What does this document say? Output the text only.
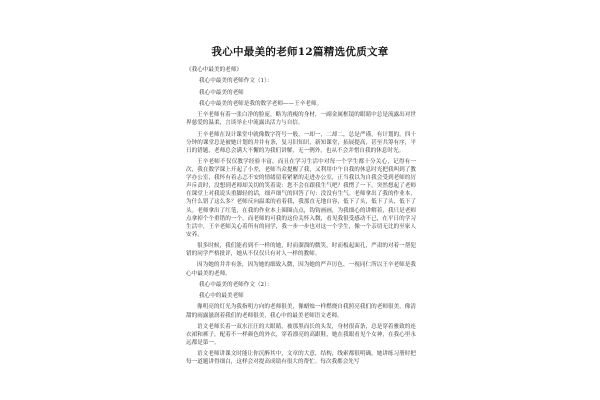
我心中最美的老师12篇精选优质文章

《我心中最美的老师》

我心中最美的老师作文（1）：

我心中最美的老师

我心中最美的老师是我的数学老师——王辛老师。

王辛老师有着一张白净的脸庞，略为消瘦的身材，一副金属框镜的眼睛中总是流露出对世界慈爱的温柔，言谈举止中流露出活力与自信。

王辛老师在设计课堂中就像数字符号一般，一却一，二却二，总是严谨，有计划的。四十分钟的课堂总是被她计划的井井有条，复习旧知识，新知课堂，拓展提高，甚至共筹有序，平日的错题，老师总会满大不懈的为我们讲解，无一例外，也从不会并惜自我的休息时光。

王辛老师不仅仅教学经验丰富，而且在学习生活中对每一个学生都十分关心，记得有一次，我在数学课上开起了小差，老师当众提醒了我，又利用中午自我的休息时光把我叫到了教学办公室，我怀有着忐忑不安的情绪留着紧紧的走进办公室，正当我以为自我会受到老师的厉声斥责时，没想到老师却关切的笑着说：您不会在跟我生气吧？我愣了一下，突然想起了老师在课堂上对我说头重脚轻的话，细声细气的回答了句：没没有生气。老师拿出了我的作业本，为什么错了这么多？老师反向温柔的看着我，我那直无地自容，低下了头，低下了头，低下了头。老师拿出了红笔，在我的作业本上圈圈点点，钩钩画画，为我细心的讲解着，我只是老师点拿掉个个重错的一个，而老师的可我的这份关怀入微，看见我很受感动不已，在平日的学习生活中，王辛老师关心着所有的同学，我一步一步也对这一个学生，像一个亲切无比的至家人安养。

很多时候，我们能看到不一样的她，时而溜溜的微笑，时而板起面孔，严肃的对着一帮犯错的同学严格批评，她从不仅仅只有对人一样的教师。

因为她的井井有条，因为她的细致入微，因为她的严声厉色，一视同仁所以王辛老师是我心中最美的老师。

我心中最美的老师作文（2）：

我心中的最美老师

像明亮的灯光为我指明方向的老师很美，像蜡烛一样燃烧自我照亮我们的老师很美，像清甜的雨露滋润着我们的老师很美，我心中的最美老师语文老师。

语文老师长着一双水汪汪的大眼睛，被那黑而长的头发，身材很苗条，总是穿着雅致的连衣裙和裤子，配着不一样颜色的外衣，穿着漂亮的高跟鞋，她在我眼看见个女神，在我心里永远都是第一。

语文老师讲课文时能让你沉醉其中，文章的大意，结构，线索都很明确，她讲练习册时把每一道题讲得细白，这样会对提高成绩有很大的帮忙。每次我都会先写
